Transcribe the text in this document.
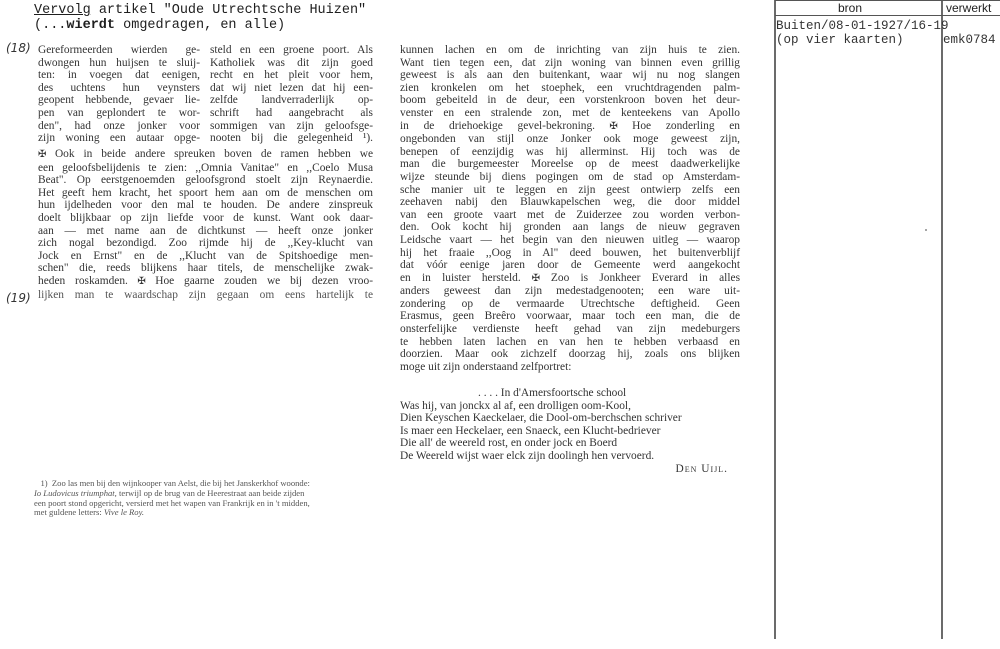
Vervolg artikel "Oude Utrechtsche Huizen"
(...wierdt omgedragen, en alle)
(18)
(19)
Gereformeerden wierden ge-
dwongen hun huijsen te sluij-
ten: in voegen dat eenigen,
des uchtens hun veynsters
geopent hebbende, gevaer lie-
pen van geplondert te wor-
den", had onze jonker voor
zijn woning een autaar opge-
steld en een groene poort. Als
Katholiek was dit zijn goed
recht en het pleit voor hem,
dat wij niet lezen dat hij een-
zelfde landverraderlijk op-
schrift had aangebracht als
sommigen van zijn geloofsge-
nooten bij die gelegenheid ¹).
✠ Ook in beide andere spreuken boven de ramen hebben we
een geloofsbelijdenis te zien: ,,Omnia Vanitae" en ,,Coelo Musa
Beat". Op eerstgenoemden geloofsgrond stoelt zijn Reynaerdie.
Het geeft hem kracht, het spoort hem aan om de menschen om
hun ijdelheden voor den mal te houden. De andere zinspreuk
doelt blijkbaar op zijn liefde voor de kunst. Want ook daar-
aan — met name aan de dichtkunst — heeft onze jonker
zich nogal bezondigd. Zoo rijmde hij de ,,Key-klucht van
Jock en Ernst" en de ,,Klucht van de Spitshoedige men-
schen" die, reeds blijkens haar titels, de menschelijke zwak-
heden roskamden. ✠ Hoe gaarne zouden we bij dezen vroo-
lijken man te waardschap zijn gegaan om eens hartelijk te
kunnen lachen en om de inrichting van zijn huis te zien.
Want tien tegen een, dat zijn woning van binnen even grillig
geweest is als aan den buitenkant, waar wij nu nog slangen
zien kronkelen om het stoephek, een vruchtdragenden palm-
boom gebeiteld in de deur, een vorstenkroon boven het deur-
venster en een stralende zon, met de kenteekens van Apollo
in de driehoekige gevel-bekroning. ✠ Hoe zonderling en
ongebonden van stijl onze Jonker ook moge geweest zijn,
benepen of eenzijdig was hij allerminst. Hij toch was de
man die burgemeester Moreelse op de meest daadwerkelijke
wijze steunde bij diens pogingen om de stad op Amsterdam-
sche manier uit te leggen en zijn geest ontwierp zelfs een
zeehaven nabij den Blauwkapelschen weg, die door middel
van een groote vaart met de Zuiderzee zou worden verbon-
den. Ook kocht hij gronden aan langs de nieuw gegraven
Leidsche vaart — het begin van den nieuwen uitleg — waarop
hij het fraaie ,,Oog in Al" deed bouwen, het buitenverblijf
dat vóór eenige jaren door de Gemeente werd aangekocht
en in luister hersteld. ✠ Zoo is Jonkheer Everard in alles
anders geweest dan zijn medestadgenooten; een ware uit-
zondering op de vermaarde Utrechtsche deftigheid. Geen
Erasmus, geen Breêro voorwaar, maar toch een man, die de
onsterfelijke verdienste heeft gehad van zijn medeburgers
te hebben laten lachen en van hen te hebben verbaasd en
doorzien. Maar ook zichzelf doorzag hij, zoals ons blijken
moge uit zijn onderstaand zelfportret:
. . . . In d'Amersfoortsche school
Was hij, van jonckx al af, een drolligen oom-Kool,
Dien Keyschen Kaeckelaer, die Dool-om-berchschen schriver
Is maer een Heckelaer, een Snaeck, een Klucht-bedriever
Die all' de weereld rost, en onder jock en Boerd
De Weereld wijst waer elck zijn doolingh hen vervoerd.
Den Uijl.
1) Zoo las men bij den wijnkooper van Aelst, die bij het Janskerkhof woonde:
Io Ludovicus triumphat, terwijl op de brug van de Heerestraat aan beide zijden
een poort stond opgericht, versierd met het wapen van Frankrijk en in 't midden,
met guldene letters: Vive le Roy.
bron	verwerkt
Buiten/08-01-1927/16-19
(op vier kaarten)	emk0784
